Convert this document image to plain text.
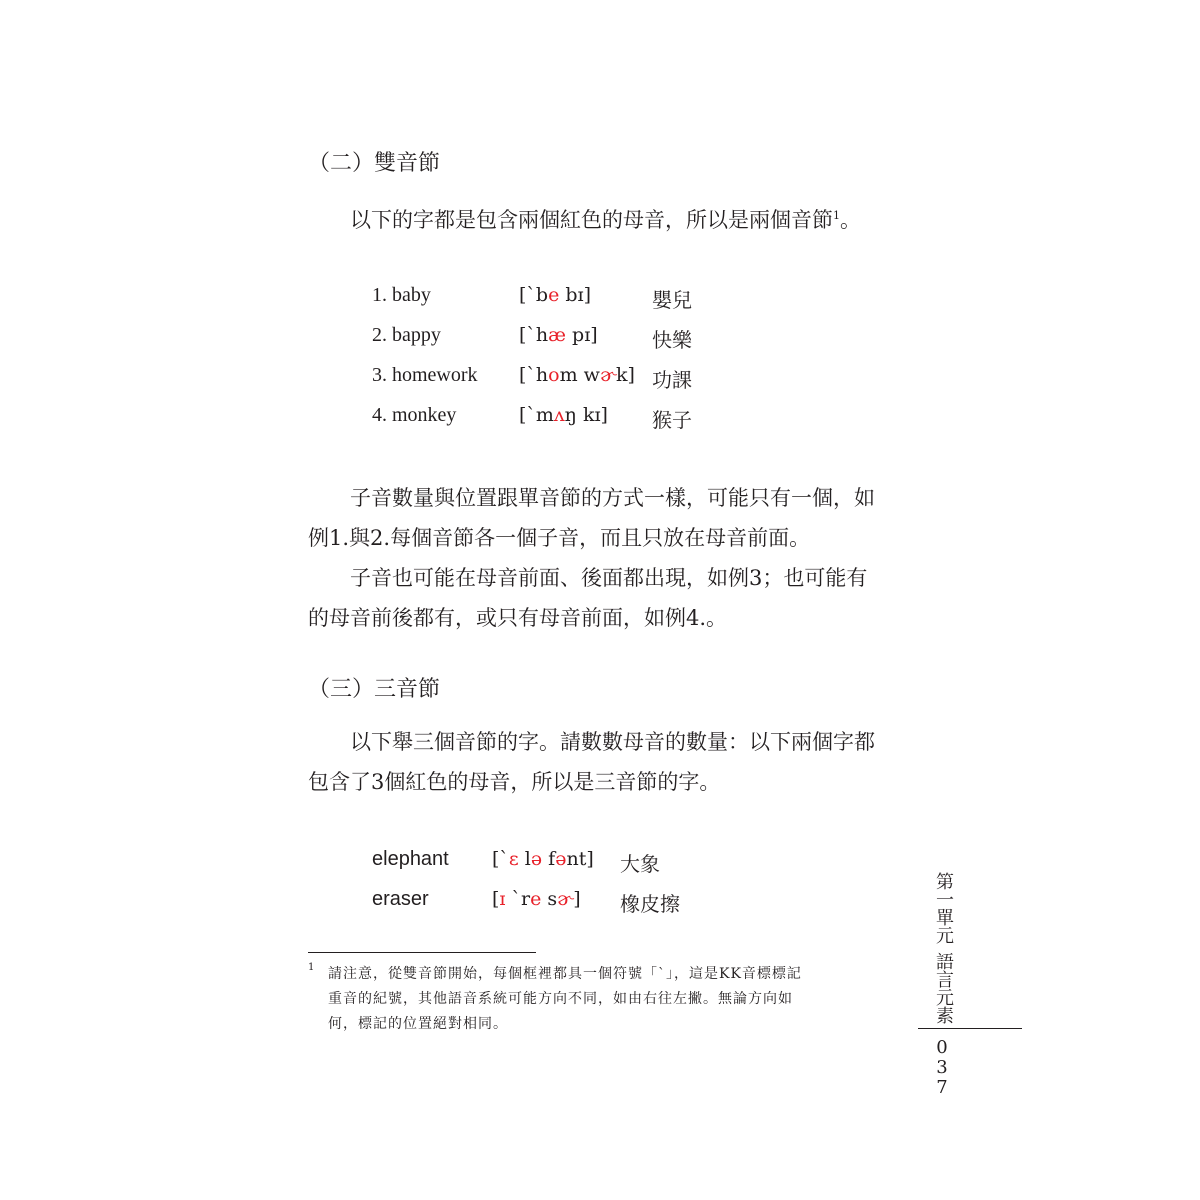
（二）雙音節
以下的字都是包含兩個紅色的母音，所以是兩個音節$^1$。
1. baby	[`be bɪ]	嬰兒
2. bappy	[`hæ pɪ]	快樂
3. homework [`hom wɚk] 功課
4. monkey	[`mʌŋ kɪ] 猴子
子音數量與位置跟單音節的方式一樣，可能只有一個，如
例1.與2.每個音節各一個子音，而且只放在母音前面。
子音也可能在母音前面、後面都出現，如例3；也可能有
的母音前後都有，或只有母音前面，如例4.。
（三）三音節
以下舉三個音節的字。請數數母音的數量：以下兩個字都
包含了3個紅色的母音，所以是三音節的字。
elephant [`ɛ lə fənt] 大象
eraser	[ɪ `re sɚ] 橡皮擦
1 請注意，從雙音節開始，每個框裡都具一個符號「`」，這是KK音標標記
重音的紀號，其他語音系統可能方向不同，如由右往左撇。無論方向如
何，標記的位置絕對相同。
第一單元
語言元素
0
3
7
